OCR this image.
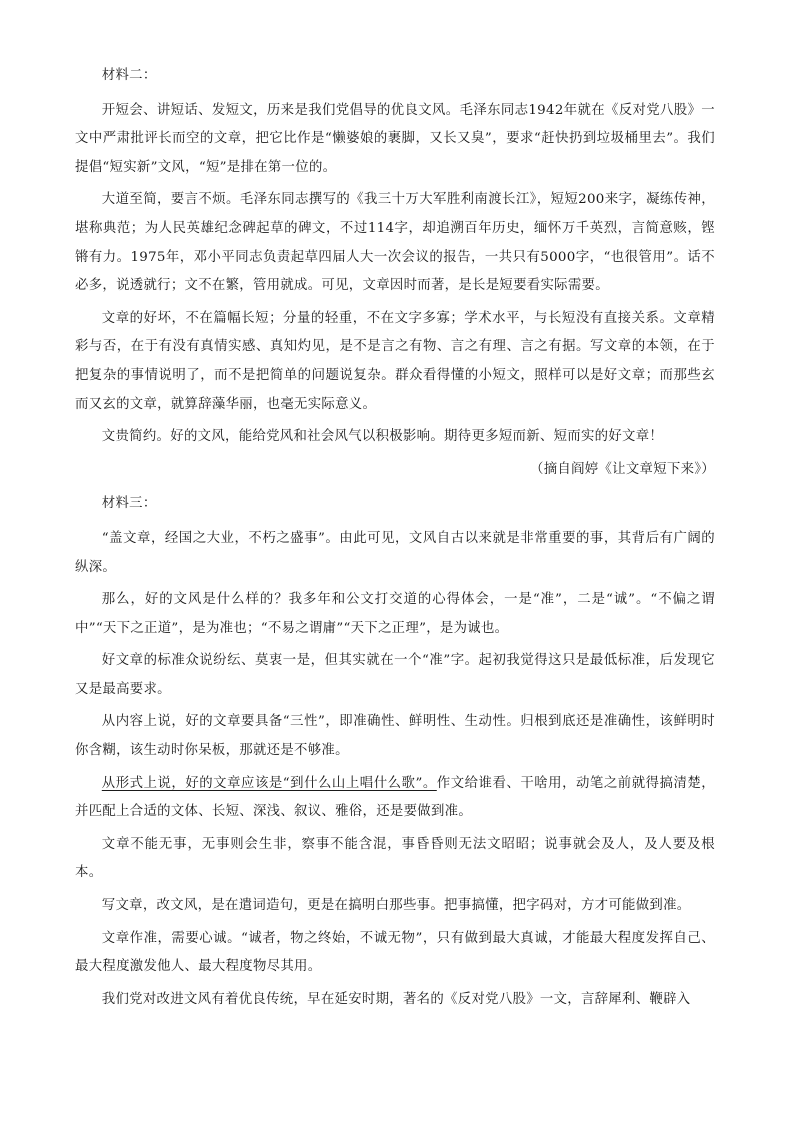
材料二：

开短会、讲短话、发短文，历来是我们党倡导的优良文风。毛泽东同志1942年就在《反对党八股》一文中严肃批评长而空的文章，把它比作是“懒婆娘的裹脚，又长又臭”，要求“赶快扔到垃圾桶里去”。我们提倡“短实新”文风，“短”是排在第一位的。

大道至简，要言不烦。毛泽东同志撰写的《我三十万大军胜利南渡长江》，短短200来字，凝练传神，堪称典范；为人民英雄纪念碑起草的碑文，不过114字，却追溯百年历史，缅怀万千英烈，言简意赅，铿锵有力。1975年，邓小平同志负责起草四届人大一次会议的报告，一共只有5000字，“也很管用”。话不必多，说透就行；文不在繁，管用就成。可见，文章因时而著，是长是短要看实际需要。

文章的好坏，不在篇幅长短；分量的轻重，不在文字多寡；学术水平，与长短没有直接关系。文章精彩与否，在于有没有真情实感、真知灼见，是不是言之有物、言之有理、言之有据。写文章的本领，在于把复杂的事情说明了，而不是把简单的问题说复杂。群众看得懂的小短文，照样可以是好文章；而那些玄而又玄的文章，就算辞藻华丽，也毫无实际意义。

文贵简约。好的文风，能给党风和社会风气以积极影响。期待更多短而新、短而实的好文章！

（摘自阎婷《让文章短下来》）

材料三：

“盖文章，经国之大业，不朽之盛事”。由此可见，文风自古以来就是非常重要的事，其背后有广阔的纵深。

那么，好的文风是什么样的？我多年和公文打交道的心得体会，一是“准”，二是“诚”。“不偏之谓中”“天下之正道”，是为准也；“不易之谓庸”“天下之正理”，是为诚也。

好文章的标准众说纷纭、莫衷一是，但其实就在一个“准”字。起初我觉得这只是最低标准，后发现它又是最高要求。

从内容上说，好的文章要具备“三性”，即准确性、鲜明性、生动性。归根到底还是准确性，该鲜明时你含糊，该生动时你呆板，那就还是不够准。

从形式上说，好的文章应该是“到什么山上唱什么歌”。作文给谁看、干啥用，动笔之前就得搞清楚，并匹配上合适的文体、长短、深浅、叙议、雅俗，还是要做到准。

文章不能无事，无事则会生非，察事不能含混，事昏昏则无法文昭昭；说事就会及人，及人要及根本。

写文章，改文风，是在遣词造句，更是在搞明白那些事。把事搞懂，把字码对，方才可能做到准。

文章作准，需要心诚。“诚者，物之终始，不诚无物”，只有做到最大真诚，才能最大程度发挥自己、最大程度激发他人、最大程度物尽其用。

我们党对改进文风有着优良传统，早在延安时期，著名的《反对党八股》一文，言辞犀利、鞭辟入
